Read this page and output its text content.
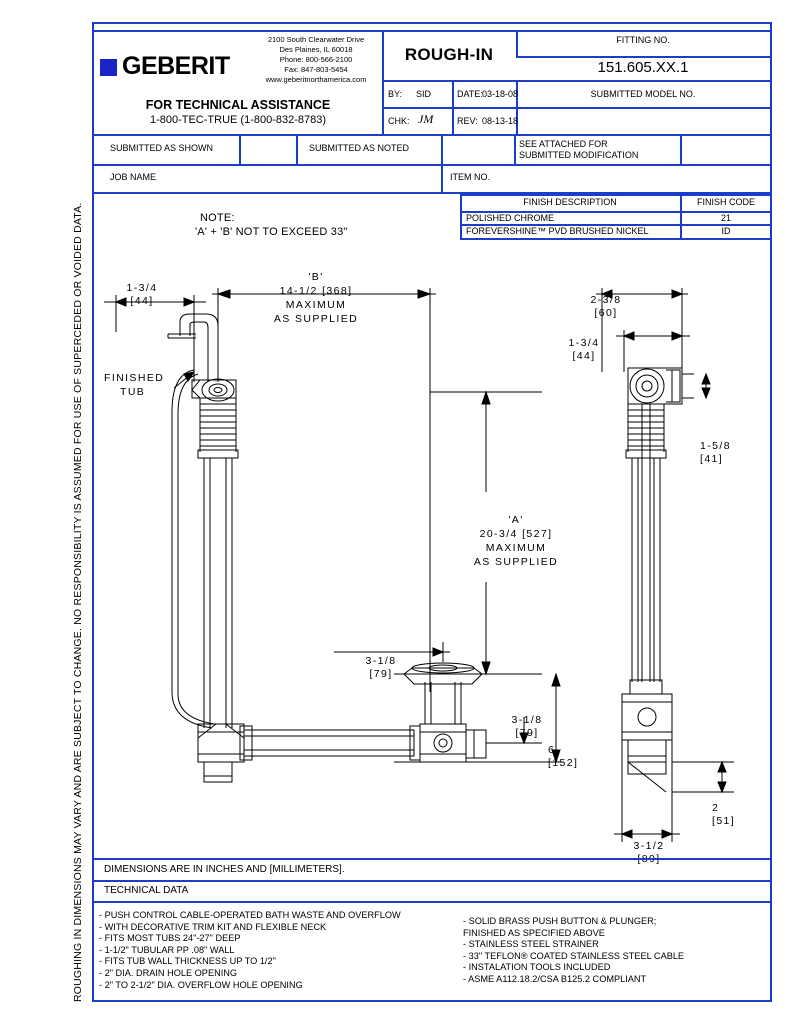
ROUGHING IN DIMENSIONS MAY VARY AND ARE SUBJECT TO CHANGE. NO RESPONSIBILITY IS ASSUMED FOR USE OF SUPERCEDED OR VOIDED DATA.
GEBERIT
2100 South Clearwater Drive
Des Plaines, IL 60018
Phone: 800-566-2100
Fax: 847-803-5454
www.geberitnorthamerica.com
FOR TECHNICAL ASSISTANCE
1-800-TEC-TRUE (1-800-832-8783)
ROUGH-IN
FITTING NO.
151.605.XX.1
SUBMITTED MODEL NO.
BY: SID	DATE: 03-18-08
CHK: JM	REV: 08-13-18
SUBMITTED AS SHOWN	SUBMITTED AS NOTED	SEE ATTACHED FOR
SUBMITTED MODIFICATION
JOB NAME	ITEM NO.
FINISH DESCRIPTION	FINISH CODE
POLISHED CHROME	21
FOREVERSHINE™ PVD BRUSHED NICKEL	ID
NOTE:
'A' + 'B' NOT TO EXCEED 33"
1-3/4
[44]
'B'
14-1/2 [368]
MAXIMUM
AS SUPPLIED
FINISHED
TUB
'A'
20-3/4 [527]
MAXIMUM
AS SUPPLIED
3-1/8
[79]
3-1/8
[79]
6
[152]
2-3/8
[60]
1-3/4
[44]
1-5/8
[41]
2
[51]
3-1/2

DIMENSIONS ARE IN INCHES AND [MILLIMETERS].
TECHNICAL DATA
- PUSH CONTROL CABLE-OPERATED BATH WASTE AND OVERFLOW
- WITH DECORATIVE TRIM KIT AND FLEXIBLE NECK
- FITS MOST TUBS 24"-27" DEEP
- 1-1/2" TUBULAR PP .08" WALL
- FITS TUB WALL THICKNESS UP TO 1/2"
- 2" DIA. DRAIN HOLE OPENING
- 2" TO 2-1/2" DIA. OVERFLOW HOLE OPENING
- SOLID BRASS PUSH BUTTON & PLUNGER;
FINISHED AS SPECIFIED ABOVE
- STAINLESS STEEL STRAINER
- 33" TEFLON® COATED STAINLESS STEEL CABLE
- INSTALATION TOOLS INCLUDED
- ASME A112.18.2/CSA B125.2 COMPLIANT
